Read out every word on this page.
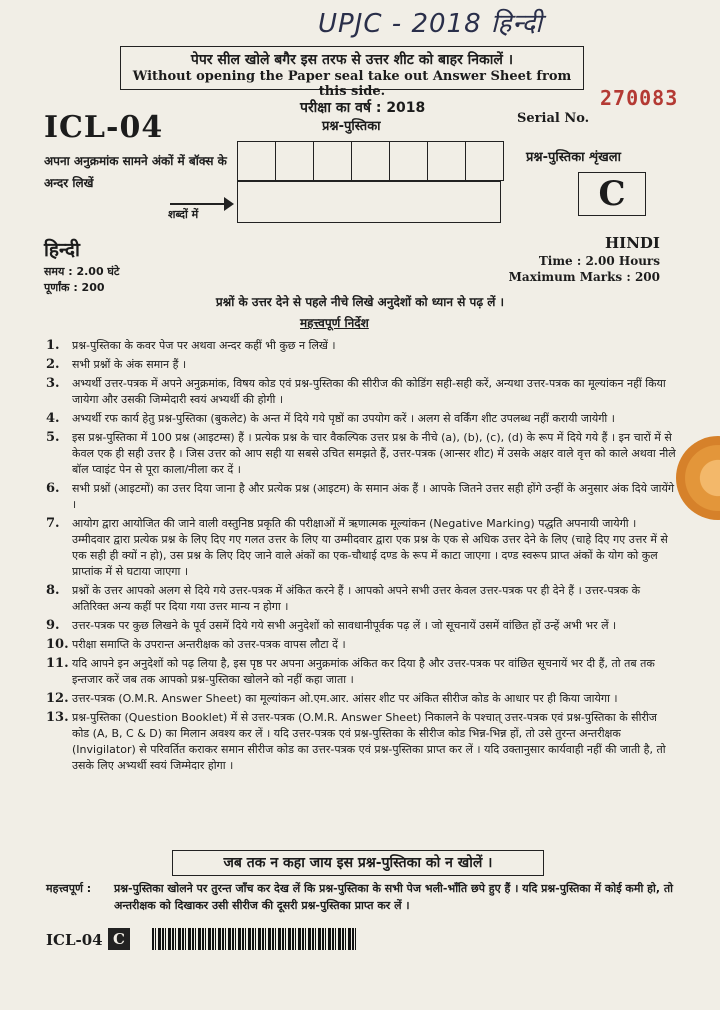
UPJC - 2018 हिन्दी
पेपर सील खोले बगैर इस तरफ से उत्तर शीट को बाहर निकालें ।
Without opening the Paper seal take out Answer Sheet from this side.	270083
परीक्षा का वर्ष : 2018
प्रश्न-पुस्तिका
Serial No.
ICL-04
अपना अनुक्रमांक सामने अंकों में बॉक्स के अन्दर लिखें
शब्दों में
प्रश्न-पुस्तिका शृंखला
C
हिन्दी	HINDI
समय : 2.00 घंटे
पूर्णांक : 200
Time : 2.00 Hours
Maximum Marks : 200
प्रश्नों के उत्तर देने से पहले नीचे लिखे अनुदेशों को ध्यान से पढ़ लें ।
महत्त्वपूर्ण निर्देश
1.	प्रश्न-पुस्तिका के कवर पेज पर अथवा अन्दर कहीं भी कुछ न लिखें ।
2.	सभी प्रश्नों के अंक समान हैं ।
3.	अभ्यर्थी उत्तर-पत्रक में अपने अनुक्रमांक, विषय कोड एवं प्रश्न-पुस्तिका की सीरीज की कोडिंग सही-सही करें, अन्यथा उत्तर-पत्रक का मूल्यांकन नहीं किया जायेगा और उसकी जिम्मेदारी स्वयं अभ्यर्थी की होगी ।
4.	अभ्यर्थी रफ कार्य हेतु प्रश्न-पुस्तिका (बुकलेट) के अन्त में दिये गये पृष्ठों का उपयोग करें । अलग से वर्किंग शीट उपलब्ध नहीं करायी जायेगी ।
5.	इस प्रश्न-पुस्तिका में 100 प्रश्न (आइटम्स) हैं । प्रत्येक प्रश्न के चार वैकल्पिक उत्तर प्रश्न के नीचे (a), (b), (c), (d) के रूप में दिये गये हैं । इन चारों में से केवल एक ही सही उत्तर है । जिस उत्तर को आप सही या सबसे उचित समझते हैं, उत्तर-पत्रक (आन्सर शीट) में उसके अक्षर वाले वृत्त को काले अथवा नीले बॉल प्वाइंट पेन से पूरा काला/नीला कर दें ।
6.	सभी प्रश्नों (आइटमों) का उत्तर दिया जाना है और प्रत्येक प्रश्न (आइटम) के समान अंक हैं । आपके जितने उत्तर सही होंगे उन्हीं के अनुसार अंक दिये जायेंगे ।
7.	आयोग द्वारा आयोजित की जाने वाली वस्तुनिष्ठ प्रकृति की परीक्षाओं में ऋणात्मक मूल्यांकन (Negative Marking) पद्धति अपनायी जायेगी । उम्मीदवार द्वारा प्रत्येक प्रश्न के लिए दिए गए गलत उत्तर के लिए या उम्मीदवार द्वारा एक प्रश्न के एक से अधिक उत्तर देने के लिए (चाहे दिए गए उत्तर में से एक सही ही क्यों न हो), उस प्रश्न के लिए दिए जाने वाले अंकों का एक-चौथाई दण्ड के रूप में काटा जाएगा । दण्ड स्वरूप प्राप्त अंकों के योग को कुल प्राप्तांक में से घटाया जाएगा ।
8.	प्रश्नों के उत्तर आपको अलग से दिये गये उत्तर-पत्रक में अंकित करने हैं । आपको अपने सभी उत्तर केवल उत्तर-पत्रक पर ही देने हैं । उत्तर-पत्रक के अतिरिक्त अन्य कहीं पर दिया गया उत्तर मान्य न होगा ।
9.	उत्तर-पत्रक पर कुछ लिखने के पूर्व उसमें दिये गये सभी अनुदेशों को सावधानीपूर्वक पढ़ लें । जो सूचनायें उसमें वांछित हों उन्हें अभी भर लें ।
10. परीक्षा समाप्ति के उपरान्त अन्तरीक्षक को उत्तर-पत्रक वापस लौटा दें ।
11. यदि आपने इन अनुदेशों को पढ़ लिया है, इस पृष्ठ पर अपना अनुक्रमांक अंकित कर दिया है और उत्तर-पत्रक पर वांछित सूचनायें भर दी हैं, तो तब तक इन्तजार करें जब तक आपको प्रश्न-पुस्तिका खोलने को नहीं कहा जाता ।
12. उत्तर-पत्रक (O.M.R. Answer Sheet) का मूल्यांकन ओ.एम.आर. आंसर शीट पर अंकित सीरीज कोड के आधार पर ही किया जायेगा ।
13. प्रश्न-पुस्तिका (Question Booklet) में से उत्तर-पत्रक (O.M.R. Answer Sheet) निकालने के पश्चात् उत्तर-पत्रक एवं प्रश्न-पुस्तिका के सीरीज कोड (A, B, C & D) का मिलान अवश्य कर लें । यदि उत्तर-पत्रक एवं प्रश्न-पुस्तिका के सीरीज कोड भिन्न-भिन्न हों, तो उसे तुरन्त अन्तरीक्षक (Invigilator) से परिवर्तित कराकर समान सीरीज कोड का उत्तर-पत्रक एवं प्रश्न-पुस्तिका प्राप्त कर लें । यदि उक्तानुसार कार्यवाही नहीं की जाती है, तो उसके लिए अभ्यर्थी स्वयं जिम्मेदार होगा ।
जब तक न कहा जाय इस प्रश्न-पुस्तिका को न खोलें ।
महत्त्वपूर्ण : प्रश्न-पुस्तिका खोलने पर तुरन्त जाँच कर देख लें कि प्रश्न-पुस्तिका के सभी पेज भली-भाँति छपे हुए हैं । यदि प्रश्न-पुस्तिका में कोई कमी हो, तो अन्तरीक्षक को दिखाकर उसी सीरीज की दूसरी प्रश्न-पुस्तिका प्राप्त कर लें ।
ICL-04 C
